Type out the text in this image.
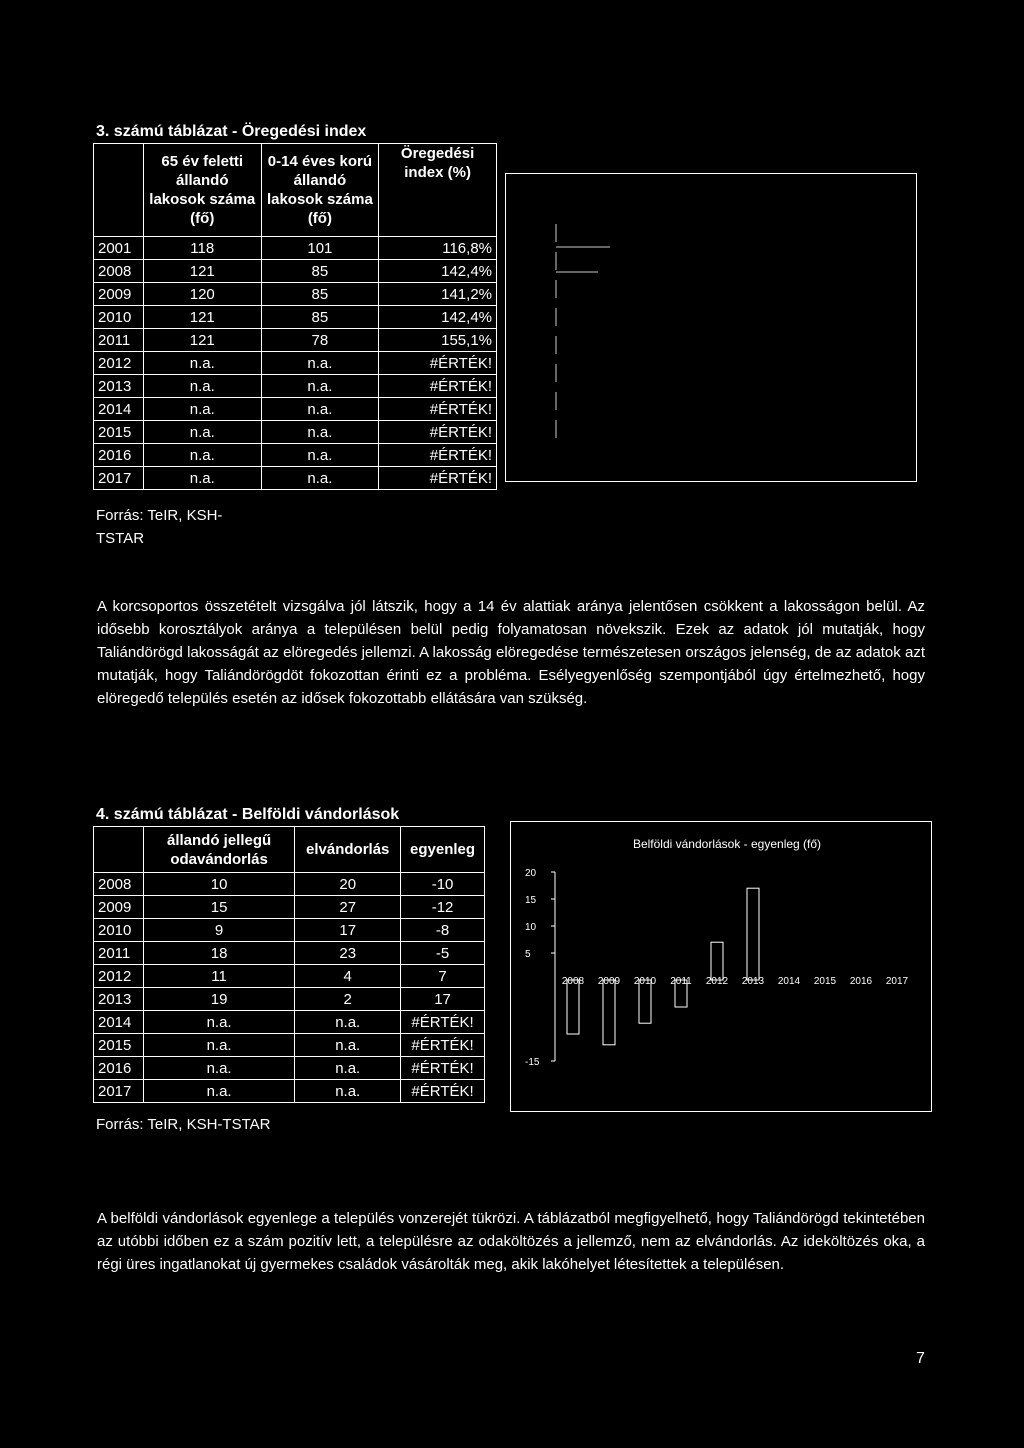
3. számú táblázat - Öregedési index
	65 év feletti állandó lakosok száma (fő)	0-14 éves korú állandó lakosok száma (fő)	Öregedési index (%)
2001	118	101	116,8%
2008	121	85	142,4%
2009	120	85	141,2%
2010	121	85	142,4%
2011	121	78	155,1%
2012	n.a.	n.a.	#ÉRTÉK!
2013	n.a.	n.a.	#ÉRTÉK!
2014	n.a.	n.a.	#ÉRTÉK!
2015	n.a.	n.a.	#ÉRTÉK!
2016	n.a.	n.a.	#ÉRTÉK!
2017	n.a.	n.a.	#ÉRTÉK!
Forrás: TeIR, KSH-TSTAR
A korcsoportos összetételt vizsgálva jól látszik, hogy a 14 év alattiak aránya jelentősen csökkent a lakosságon belül. Az idősebb korosztályok aránya a településen belül pedig folyamatosan növekszik. Ezek az adatok jól mutatják, hogy Taliándörögd lakosságát az elöregedés jellemzi. A lakosság elöregedése természetesen országos jelenség, de az adatok azt mutatják, hogy Taliándörögdöt fokozottan érinti ez a probléma. Esélyegyenlőség szempontjából úgy értelmezhető, hogy elöregedő település esetén az idősek fokozottabb ellátására van szükség.
4. számú táblázat - Belföldi vándorlások
	állandó jellegű odavándorlás	elvándorlás	egyenleg
2008	10	20	-10
2009	15	27	-12
2010	9	17	-8
2011	18	23	-5
2012	11	4	7
2013	19	2	17
2014	n.a.	n.a.	#ÉRTÉK!
2015	n.a.	n.a.	#ÉRTÉK!
2016	n.a.	n.a.	#ÉRTÉK!
2017	n.a.	n.a.	#ÉRTÉK!
Forrás: TeIR, KSH-TSTAR
Belföldi vándorlások - egyenleg (fő)
20
15
10
5
-15
2008 2009 2010 2011 2012 2013 2014 2015 2016 2017
A belföldi vándorlások egyenlege a település vonzerejét tükrözi. A táblázatból megfigyelhető, hogy Taliándörögd tekintetében az utóbbi időben ez a szám pozitív lett, a településre az odaköltözés a jellemző, nem az elvándorlás. Az ideköltözés oka, a régi üres ingatlanokat új gyermekes családok vásárolták meg, akik lakóhelyet létesítettek a településen.
7
